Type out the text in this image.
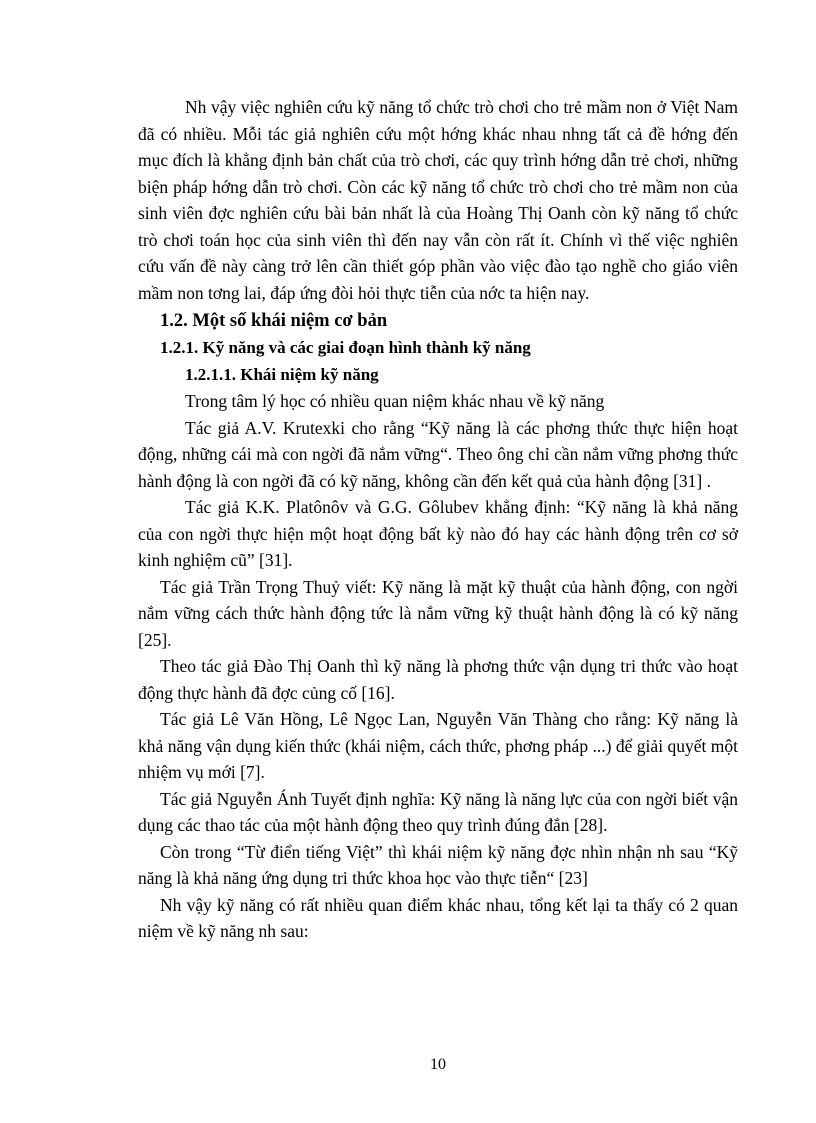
Nh vậy việc nghiên cứu kỹ năng tổ chức trò chơi cho trẻ mầm non ở Việt Nam đã có nhiều. Mỗi tác giả nghiên cứu một hớng khác nhau nhng tất cả đề hớng đến mục đích là khẳng định bản chất của trò chơi, các quy trình hớng dẫn trẻ chơi, những biện pháp hớng dẫn trò chơi. Còn các kỹ năng tổ chức trò chơi cho trẻ mầm non của sinh viên đợc nghiên cứu bài bản nhất là của Hoàng Thị Oanh còn kỹ năng tổ chức trò chơi toán học của sinh viên thì đến nay vẫn còn rất ít. Chính vì thế việc nghiên cứu vấn đề này càng trở lên cần thiết góp phần vào việc đào tạo nghề cho giáo viên mầm non tơng lai, đáp ứng đòi hỏi thực tiễn của nớc ta hiện nay.

1.2. Một số khái niệm cơ bản
1.2.1. Kỹ năng và các giai đoạn hình thành kỹ năng
1.2.1.1. Khái niệm kỹ năng

Trong tâm lý học có nhiều quan niệm khác nhau về kỹ năng

Tác giả A.V. Krutexki cho rằng “Kỹ năng là các phơng thức thực hiện hoạt động, những cái mà con ngời đã nắm vững“. Theo ông chỉ cần nắm vững phơng thức hành động là con ngời đã có kỹ năng, không cần đến kết quả của hành động [31] .

Tác giả K.K. Platônôv và G.G. Gôlubev khẳng định: “Kỹ năng là khả năng của con ngời thực hiện một hoạt động bất kỳ nào đó hay các hành động trên cơ sở kinh nghiệm cũ” [31].

Tác giả Trần Trọng Thuỷ viết: Kỹ năng là mặt kỹ thuật của hành động, con ngời nắm vững cách thức hành động tức là nắm vững kỹ thuật hành động là có kỹ năng [25].

Theo tác giả Đào Thị Oanh thì kỹ năng là phơng thức vận dụng tri thức vào hoạt động thực hành đã đợc củng cố [16].

Tác giả Lê Văn Hồng, Lê Ngọc Lan, Nguyễn Văn Thàng cho rằng: Kỹ năng là khả năng vận dụng kiến thức (khái niệm, cách thức, phơng pháp ...) để giải quyết một nhiệm vụ mới [7].

Tác giả Nguyễn Ánh Tuyết định nghĩa: Kỹ năng là năng lực của con ngời biết vận dụng các thao tác của một hành động theo quy trình đúng đắn [28].

Còn trong “Từ điển tiếng Việt” thì khái niệm kỹ năng đợc nhìn nhận nh sau “Kỹ năng là khả năng ứng dụng tri thức khoa học vào thực tiễn“ [23]

Nh vậy kỹ năng có rất nhiều quan điểm khác nhau, tổng kết lại ta thấy có 2 quan niệm về kỹ năng nh sau:

10
